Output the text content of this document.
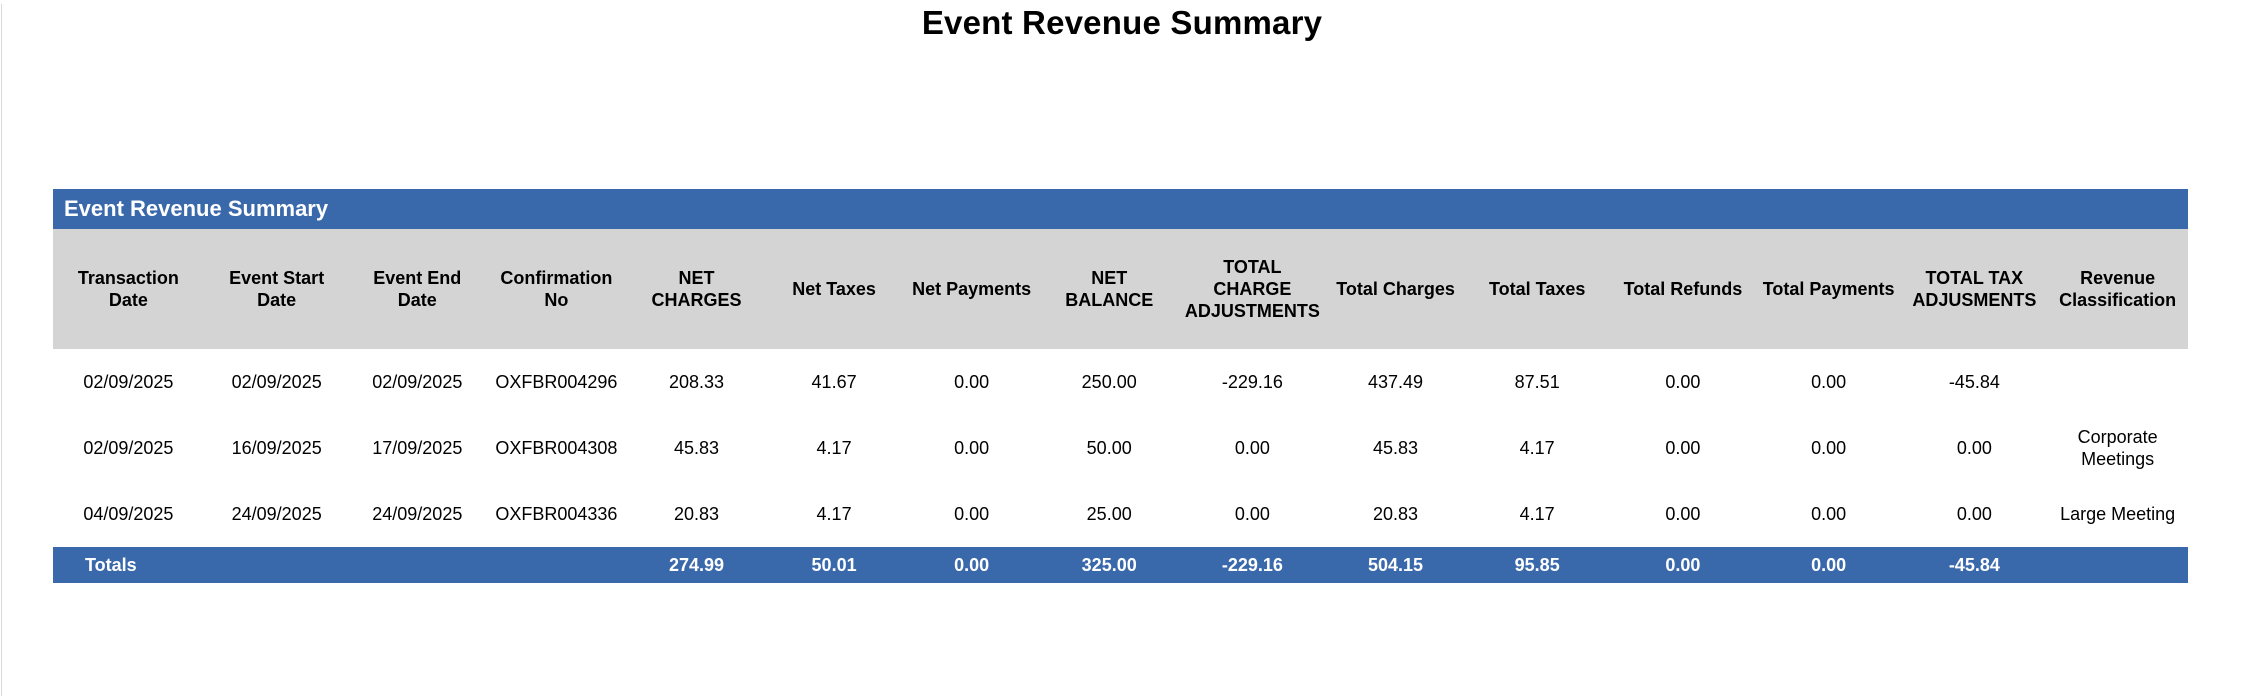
Event Revenue Summary
Event Revenue Summary
Transaction Date	Event Start Date	Event End Date	Confirmation No	NET CHARGES	Net Taxes	Net Payments	NET BALANCE	TOTAL CHARGE ADJUSTMENTS	Total Charges	Total Taxes	Total Refunds	Total Payments	TOTAL TAX ADJUSMENTS	Revenue Classification
02/09/2025	02/09/2025	02/09/2025	OXFBR004296	208.33	41.67	0.00	250.00	-229.16	437.49	87.51	0.00	0.00	-45.84	
02/09/2025	16/09/2025	17/09/2025	OXFBR004308	45.83	4.17	0.00	50.00	0.00	45.83	4.17	0.00	0.00	0.00	Corporate Meetings
04/09/2025	24/09/2025	24/09/2025	OXFBR004336	20.83	4.17	0.00	25.00	0.00	20.83	4.17	0.00	0.00	0.00	Large Meeting
Totals				274.99	50.01	0.00	325.00	-229.16	504.15	95.85	0.00	0.00	-45.84	
